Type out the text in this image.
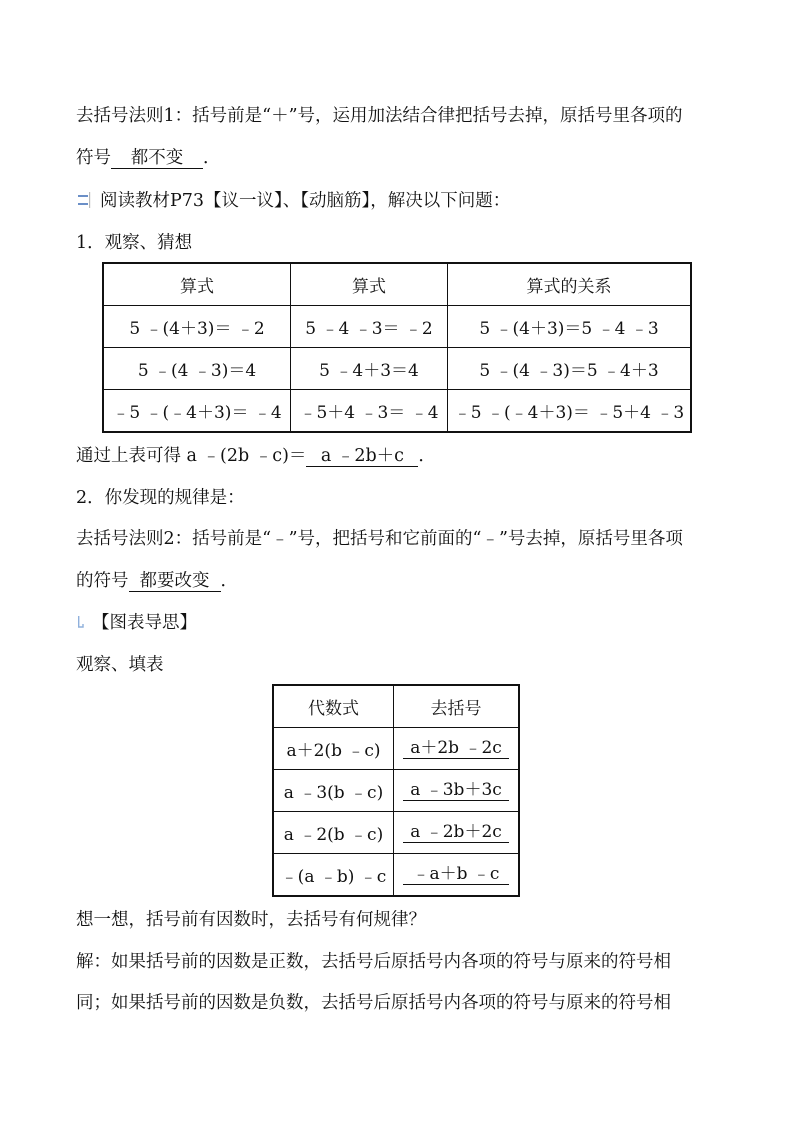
去括号法则1：括号前是“＋”号，运用加法结合律把括号去掉，原括号里各项的
符号 都不变 ．
阅读教材P73【议一议】、【动脑筋】，解决以下问题：
1．观察、猜想
算式	算式	算式的关系
5 ﹣(4＋3)＝ ﹣2	5 ﹣4 ﹣3＝ ﹣2	5 ﹣(4＋3)＝5 ﹣4 ﹣3
5 ﹣(4 ﹣3)＝4	5 ﹣4＋3＝4	5 ﹣(4 ﹣3)＝5 ﹣4＋3
﹣5 ﹣(﹣4＋3)＝ ﹣4	﹣5＋4 ﹣3＝ ﹣4	﹣5 ﹣(﹣4＋3)＝ ﹣5＋4 ﹣3
通过上表可得 a ﹣(2b ﹣c)＝ a ﹣2b＋c ．
2．你发现的规律是：
去括号法则2：括号前是“﹣”号，把括号和它前面的“﹣”号去掉，原括号里各项
的符号 都要改变 ．
【图表导思】
观察、填表
代数式	去括号
a＋2(b ﹣c)	a＋2b ﹣2c
a ﹣3(b ﹣c)	a ﹣3b＋3c
a ﹣2(b ﹣c)	a ﹣2b＋2c
﹣(a ﹣b) ﹣c	﹣a＋b ﹣c
想一想，括号前有因数时，去括号有何规律？
解：如果括号前的因数是正数，去括号后原括号内各项的符号与原来的符号相
同；如果括号前的因数是负数，去括号后原括号内各项的符号与原来的符号相
